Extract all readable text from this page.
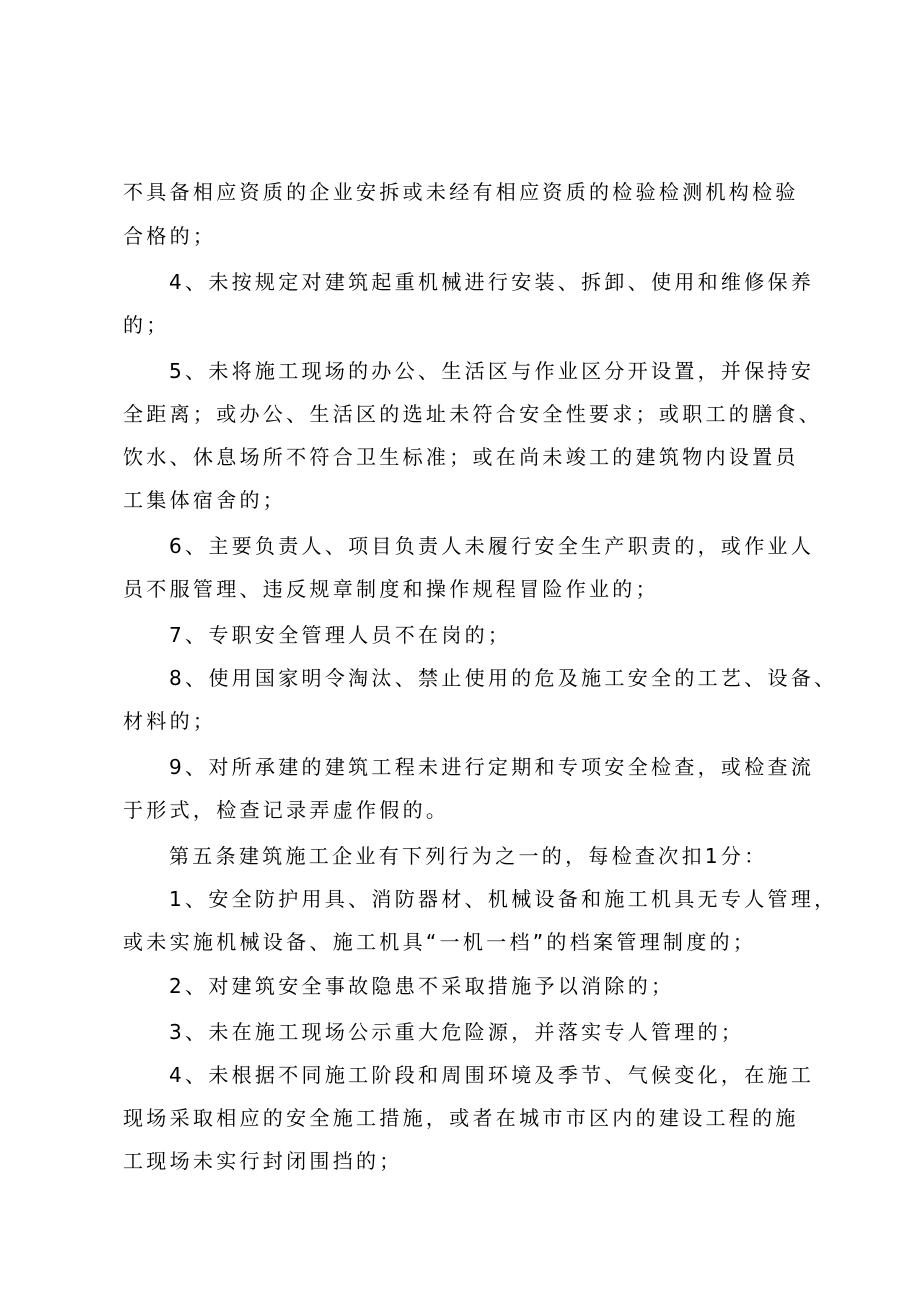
不具备相应资质的企业安拆或未经有相应资质的检验检测机构检验
合格的；
4、未按规定对建筑起重机械进行安装、拆卸、使用和维修保养
的；
5、未将施工现场的办公、生活区与作业区分开设置，并保持安
全距离；或办公、生活区的选址未符合安全性要求；或职工的膳食、
饮水、休息场所不符合卫生标准；或在尚未竣工的建筑物内设置员
工集体宿舍的；
6、主要负责人、项目负责人未履行安全生产职责的，或作业人
员不服管理、违反规章制度和操作规程冒险作业的；
7、专职安全管理人员不在岗的；
8、使用国家明令淘汰、禁止使用的危及施工安全的工艺、设备、
材料的；
9、对所承建的建筑工程未进行定期和专项安全检查，或检查流
于形式，检查记录弄虚作假的。
第五条建筑施工企业有下列行为之一的，每检查次扣1分：
1、安全防护用具、消防器材、机械设备和施工机具无专人管理，
或未实施机械设备、施工机具“一机一档”的档案管理制度的；
2、对建筑安全事故隐患不采取措施予以消除的；
3、未在施工现场公示重大危险源，并落实专人管理的；
4、未根据不同施工阶段和周围环境及季节、气候变化，在施工
现场采取相应的安全施工措施，或者在城市市区内的建设工程的施
工现场未实行封闭围挡的；
